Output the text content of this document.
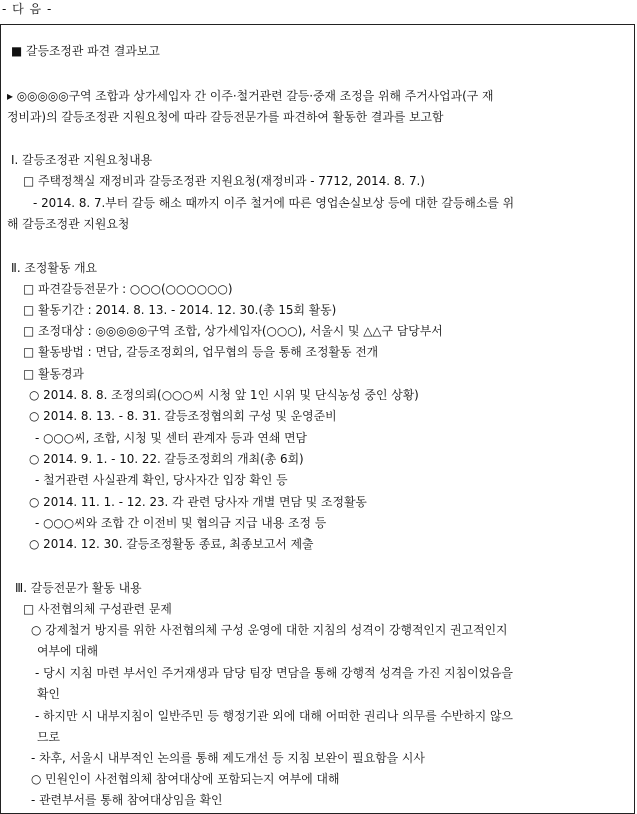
- 다 음 -
■ 갈등조정관 파견 결과보고
▸ ◎◎◎◎◎구역 조합과 상가세입자 간 이주·철거관련 갈등·중재 조정을 위해 주거사업과(구 재
정비과)의 갈등조정관 지원요청에 따라 갈등전문가를 파견하여 활동한 결과를 보고함
Ⅰ. 갈등조정관 지원요청내용
□ 주택정책실 재정비과 갈등조정관 지원요청(재정비과 - 7712, 2014. 8. 7.)
- 2014. 8. 7.부터 갈등 해소 때까지 이주 철거에 따른 영업손실보상 등에 대한 갈등해소를 위
해 갈등조정관 지원요청
Ⅱ. 조정활동 개요
□ 파견갈등전문가 : ○○○(○○○○○○)
□ 활동기간 : 2014. 8. 13. - 2014. 12. 30.(총 15회 활동)
□ 조정대상 : ◎◎◎◎◎구역 조합, 상가세입자(○○○), 서울시 및 △△구 담당부서
□ 활동방법 : 면담, 갈등조정회의, 업무협의 등을 통해 조정활동 전개
□ 활동경과
○ 2014. 8. 8. 조정의뢰(○○○씨 시청 앞 1인 시위 및 단식농성 중인 상황)
○ 2014. 8. 13. - 8. 31. 갈등조정협의회 구성 및 운영준비
- ○○○씨, 조합, 시청 및 센터 관계자 등과 연쇄 면담
○ 2014. 9. 1. - 10. 22. 갈등조정회의 개최(총 6회)
- 철거관련 사실관계 확인, 당사자간 입장 확인 등
○ 2014. 11. 1. - 12. 23. 각 관련 당사자 개별 면담 및 조정활동
- ○○○씨와 조합 간 이전비 및 협의금 지급 내용 조정 등
○ 2014. 12. 30. 갈등조정활동 종료, 최종보고서 제출
Ⅲ. 갈등전문가 활동 내용
□ 사전협의체 구성관련 문제
○ 강제철거 방지를 위한 사전협의체 구성 운영에 대한 지침의 성격이 강행적인지 권고적인지
여부에 대해
- 당시 지침 마련 부서인 주거재생과 담당 팀장 면담을 통해 강행적 성격을 가진 지침이었음을
확인
- 하지만 시 내부지침이 일반주민 등 행정기관 외에 대해 어떠한 권리나 의무를 수반하지 않으
므로
- 차후, 서울시 내부적인 논의를 통해 제도개선 등 지침 보완이 필요함을 시사
○ 민원인이 사전협의체 참여대상에 포함되는지 여부에 대해
- 관련부서를 통해 참여대상임을 확인
